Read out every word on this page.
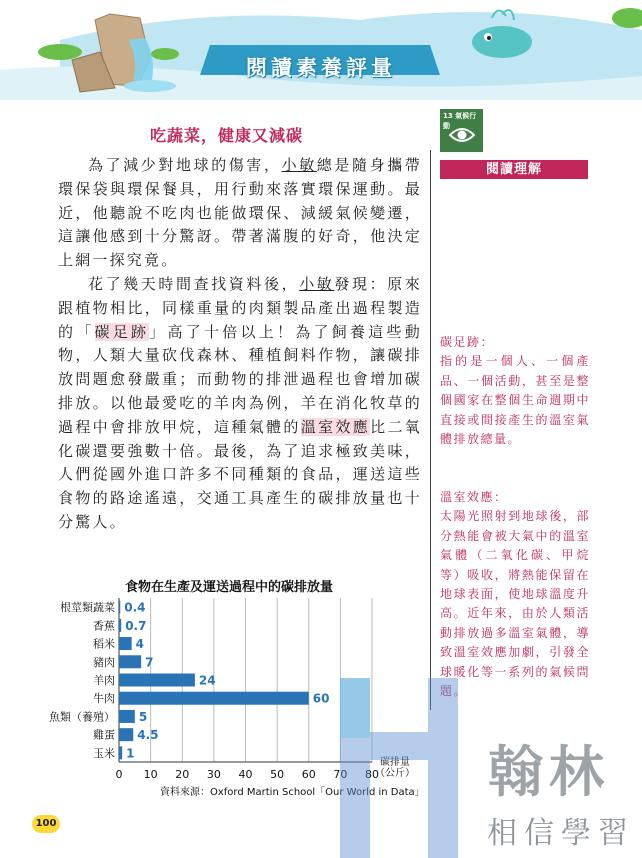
閱讀素養評量
吃蔬菜，健康又減碳

為了減少對地球的傷害，小敏總是隨身攜帶環保袋與環保餐具，用行動來落實環保運動。最近，他聽說不吃肉也能做環保、減緩氣候變遷，這讓他感到十分驚訝。帶著滿腹的好奇，他決定上網一探究竟。

花了幾天時間查找資料後，小敏發現：原來跟植物相比，同樣重量的肉類製品產出過程製造的「碳足跡」高了十倍以上！為了飼養這些動物，人類大量砍伐森林、種植飼料作物，讓碳排放問題愈發嚴重；而動物的排泄過程也會增加碳排放。以他最愛吃的羊肉為例，羊在消化牧草的過程中會排放甲烷，這種氣體的溫室效應比二氧化碳還要強數十倍。最後，為了追求極致美味，人們從國外進口許多不同種類的食品，運送這些食物的路途遙遠，交通工具產生的碳排放量也十分驚人。

13 氣候行動
閱讀理解
碳足跡：
指的是一個人、一個產品、一個活動，甚至是整個國家在整個生命週期中直接或間接產生的溫室氣體排放總量。
溫室效應：
太陽光照射到地球後，部分熱能會被大氣中的溫室氣體（二氧化碳、甲烷等）吸收，將熱能保留在地球表面，使地球溫度升高。近年來，由於人類活動排放過多溫室氣體，導致溫室效應加劇，引發全球暖化等一系列的氣候問題。
食物在生產及運送過程中的碳排放量
0 10 20 30 40 50 60 70 80
根莖類蔬菜 0.4
香蕉 0.7
稻米 4
豬肉	7
羊肉	24
牛肉	60
魚類（養殖） 5
雞蛋 4.5
玉米 1
碳排量（公斤）
資料來源：Oxford Martin School「Our World in Data」
100
翰林
相信學習
